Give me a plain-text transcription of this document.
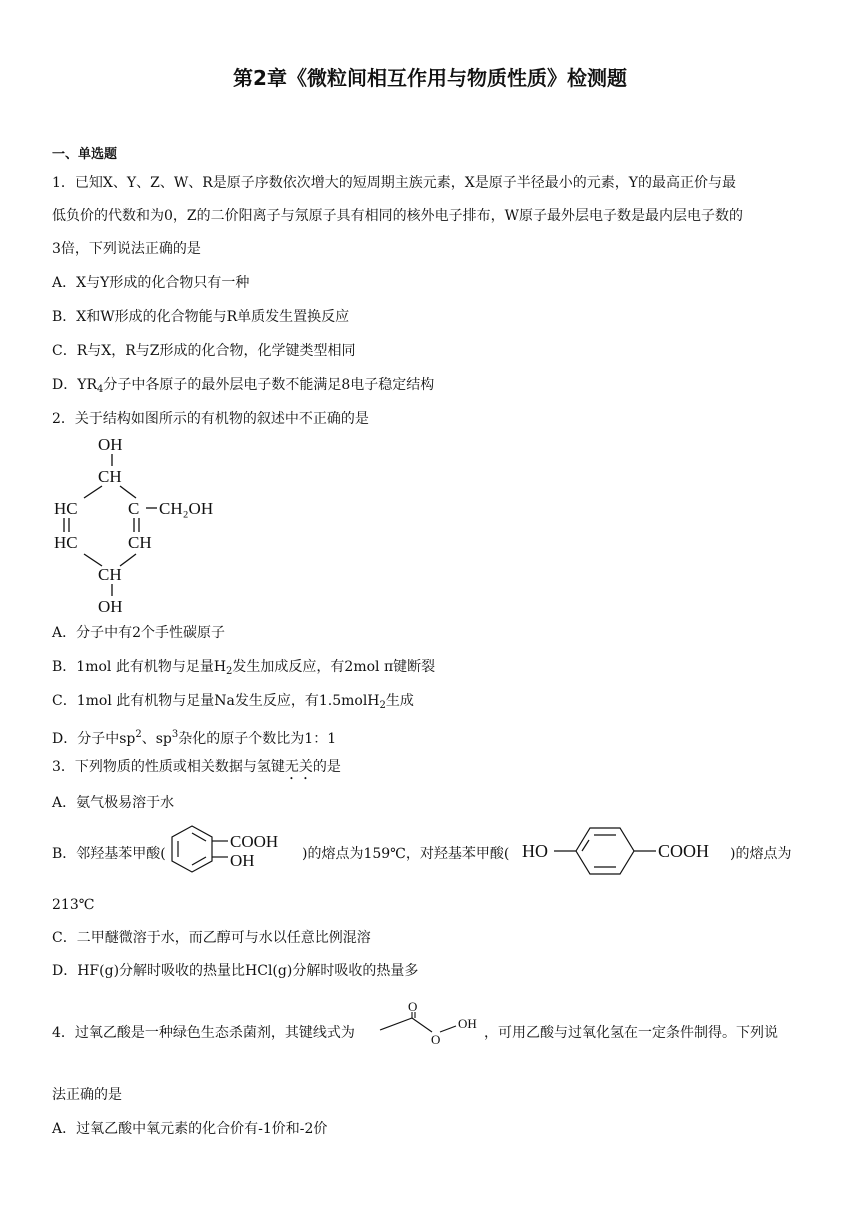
第2章《微粒间相互作用与物质性质》检测题
一、单选题
1．已知X、Y、Z、W、R是原子序数依次增大的短周期主族元素，X是原子半径最小的元素，Y的最高正价与最
低负价的代数和为0，Z的二价阳离子与氖原子具有相同的核外电子排布，W原子最外层电子数是最内层电子数的
3倍，下列说法正确的是
A．X与Y形成的化合物只有一种
B．X和W形成的化合物能与R单质发生置换反应
C．R与X，R与Z形成的化合物，化学键类型相同
D．$YR_4$分子中各原子的最外层电子数不能满足8电子稳定结构
2．关于结构如图所示的有机物的叙述中不正确的是
OH
CH
HC	C CH₂OH
HC	CH
CH
OH
A．分子中有2个手性碳原子
B．1mol 此有机物与足量$H_2$发生加成反应，有2mol π键断裂
C．1mol 此有机物与足量Na发生反应，有1.5molH$_2$生成
D．分子中$sp^2$、$sp^3$杂化的原子个数比为1：1
3．下列物质的性质或相关数据与氢键无关的是
A．氨气极易溶于水
B．邻羟基苯甲酸(
COOH
OH	)的熔点为159℃，对羟基苯甲酸( HO	COOH )的熔点为
213℃
C．二甲醚微溶于水，而乙醇可与水以任意比例混溶
D．HF(g)分解时吸收的热量比HCl(g)分解时吸收的热量多
4．过氧乙酸是一种绿色生态杀菌剂，其键线式为
O
O
OH
，可用乙酸与过氧化氢在一定条件制得。下列说
法正确的是
A．过氧乙酸中氧元素的化合价有-1价和-2价
